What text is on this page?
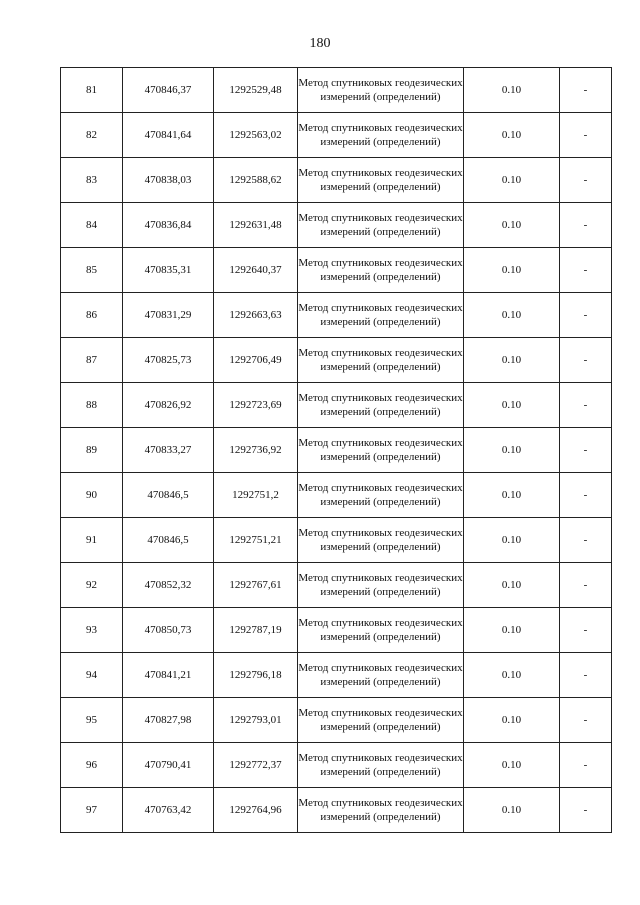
180
81	470846,37	1292529,48	Метод спутниковых геодезических измерений (определений)	0.10	-
82	470841,64	1292563,02	Метод спутниковых геодезических измерений (определений)	0.10	-
83	470838,03	1292588,62	Метод спутниковых геодезических измерений (определений)	0.10	-
84	470836,84	1292631,48	Метод спутниковых геодезических измерений (определений)	0.10	-
85	470835,31	1292640,37	Метод спутниковых геодезических измерений (определений)	0.10	-
86	470831,29	1292663,63	Метод спутниковых геодезических измерений (определений)	0.10	-
87	470825,73	1292706,49	Метод спутниковых геодезических измерений (определений)	0.10	-
88	470826,92	1292723,69	Метод спутниковых геодезических измерений (определений)	0.10	-
89	470833,27	1292736,92	Метод спутниковых геодезических измерений (определений)	0.10	-
90	470846,5	1292751,2	Метод спутниковых геодезических измерений (определений)	0.10	-
91	470846,5	1292751,21	Метод спутниковых геодезических измерений (определений)	0.10	-
92	470852,32	1292767,61	Метод спутниковых геодезических измерений (определений)	0.10	-
93	470850,73	1292787,19	Метод спутниковых геодезических измерений (определений)	0.10	-
94	470841,21	1292796,18	Метод спутниковых геодезических измерений (определений)	0.10	-
95	470827,98	1292793,01	Метод спутниковых геодезических измерений (определений)	0.10	-
96	470790,41	1292772,37	Метод спутниковых геодезических измерений (определений)	0.10	-
97	470763,42	1292764,96	Метод спутниковых геодезических измерений (определений)	0.10	-
